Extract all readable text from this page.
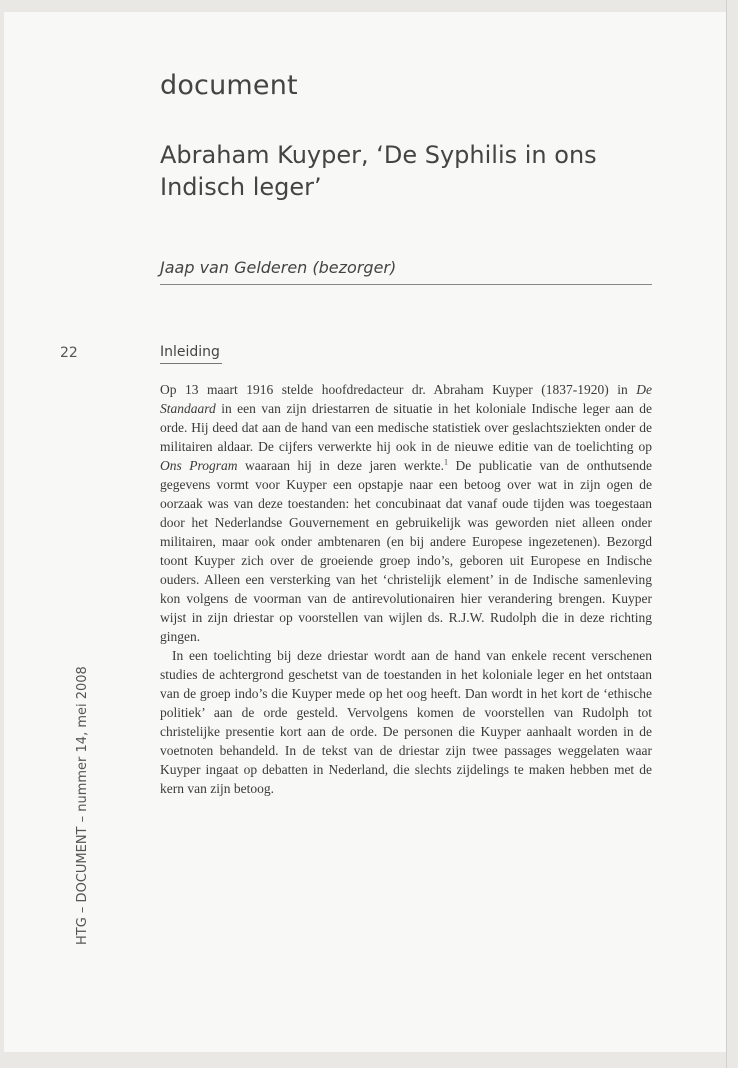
document
Abraham Kuyper, ‘De Syphilis in ons Indisch leger’

Jaap van Gelderen (bezorger)

22	Inleiding

Op 13 maart 1916 stelde hoofdredacteur dr. Abraham Kuyper (1837-1920) in De Standaard in een van zijn driestarren de situatie in het koloniale Indische leger aan de orde. Hij deed dat aan de hand van een medische statistiek over geslachtsziekten onder de militairen aldaar. De cijfers verwerkte hij ook in de nieuwe editie van de toelichting op Ons Program waaraan hij in deze jaren werkte.$^1$ De publicatie van de onthutsende gegevens vormt voor Kuyper een opstapje naar een betoog over wat in zijn ogen de oorzaak was van deze toestanden: het concubinaat dat vanaf oude tijden was toegestaan door het Nederlandse Gouvernement en gebruikelijk was geworden niet alleen onder militairen, maar ook onder ambtenaren (en bij andere Europese ingezetenen). Bezorgd toont Kuyper zich over de groeiende groep indo’s, geboren uit Europese en Indische ouders. Alleen een versterking van het ‘christelijk element’ in de Indische samenleving kon volgens de voorman van de antirevolutionairen hier verandering brengen. Kuyper wijst in zijn driestar op voorstellen van wijlen ds. R.J.W. Rudolph die in deze richting gingen.

In een toelichting bij deze driestar wordt aan de hand van enkele recent verschenen studies de achtergrond geschetst van de toestanden in het koloniale leger en het ontstaan van de groep indo’s die Kuyper mede op het oog heeft. Dan wordt in het kort de ‘ethische politiek’ aan de orde gesteld. Vervolgens komen de voorstellen van Rudolph tot christelijke presentie kort aan de orde. De personen die Kuyper aanhaalt worden in de voetnoten behandeld. In de tekst van de driestar zijn twee passages weggelaten waar Kuyper ingaat op debatten in Nederland, die slechts zijdelings te maken hebben met de kern van zijn betoog.

HTG – DOCUMENT – nummer 14, mei 2008
